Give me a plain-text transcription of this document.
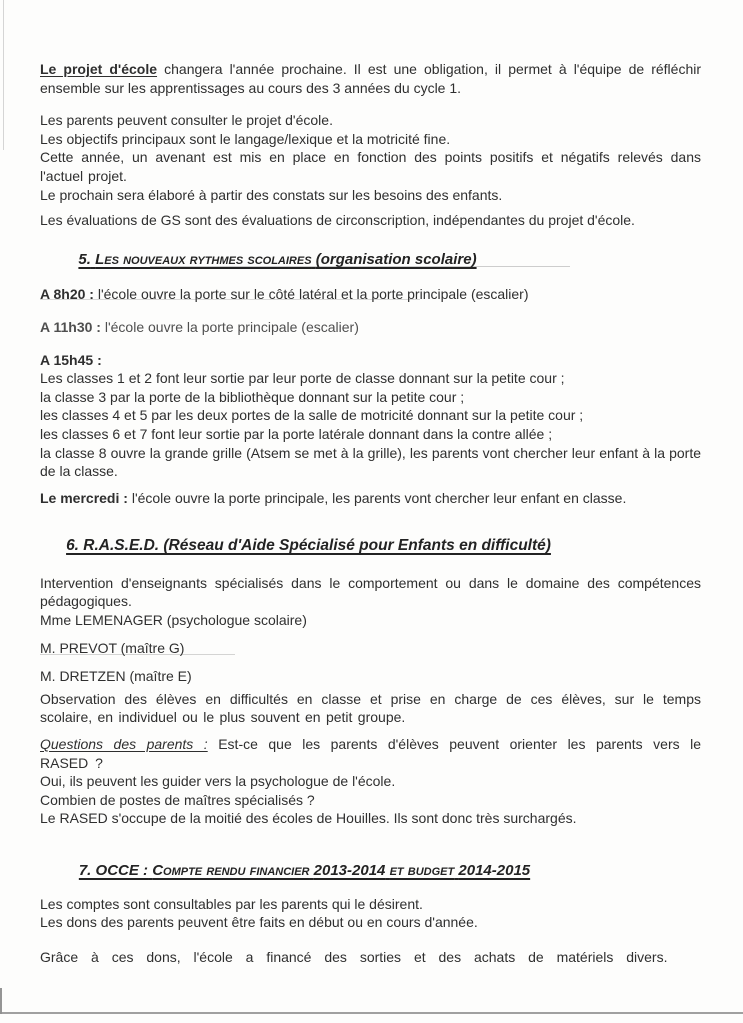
Le projet d'école changera l'année prochaine. Il est une obligation, il permet à l'équipe de réfléchir ensemble sur les apprentissages au cours des 3 années du cycle 1.

Les parents peuvent consulter le projet d'école.
Les objectifs principaux sont le langage/lexique et la motricité fine.
Cette année, un avenant est mis en place en fonction des points positifs et négatifs relevés dans l'actuel projet.
Le prochain sera élaboré à partir des constats sur les besoins des enfants.
Les évaluations de GS sont des évaluations de circonscription, indépendantes du projet d'école.
5. Les nouveaux rythmes scolaires (organisation scolaire)
A 8h20 : l'école ouvre la porte sur le côté latéral et la porte principale (escalier)
A 11h30 : l'école ouvre la porte principale (escalier)
A 15h45 :
Les classes 1 et 2 font leur sortie par leur porte de classe donnant sur la petite cour ;
la classe 3 par la porte de la bibliothèque donnant sur la petite cour ;
les classes 4 et 5 par les deux portes de la salle de motricité donnant sur la petite cour ;
les classes 6 et 7 font leur sortie par la porte latérale donnant dans la contre allée ;
la classe 8 ouvre la grande grille (Atsem se met à la grille), les parents vont chercher leur enfant à la porte de la classe.
Le mercredi : l'école ouvre la porte principale, les parents vont chercher leur enfant en classe.
6. R.A.S.E.D. (Réseau d'Aide Spécialisé pour Enfants en difficulté)
Intervention d'enseignants spécialisés dans le comportement ou dans le domaine des compétences pédagogiques.
Mme LEMENAGER (psychologue scolaire)
M. PREVOT (maître G)
M. DRETZEN (maître E)
Observation des élèves en difficultés en classe et prise en charge de ces élèves, sur le temps scolaire, en individuel ou le plus souvent en petit groupe.
Questions des parents : Est-ce que les parents d'élèves peuvent orienter les parents vers le RASED ?
Oui, ils peuvent les guider vers la psychologue de l'école.
Combien de postes de maîtres spécialisés ?
Le RASED s'occupe de la moitié des écoles de Houilles. Ils sont donc très surchargés.
7. OCCE : Compte rendu financier 2013-2014 et budget 2014-2015
Les comptes sont consultables par les parents qui le désirent.
Les dons des parents peuvent être faits en début ou en cours d'année.
Grâce à ces dons, l'école a financé des sorties et des achats de matériels divers.
